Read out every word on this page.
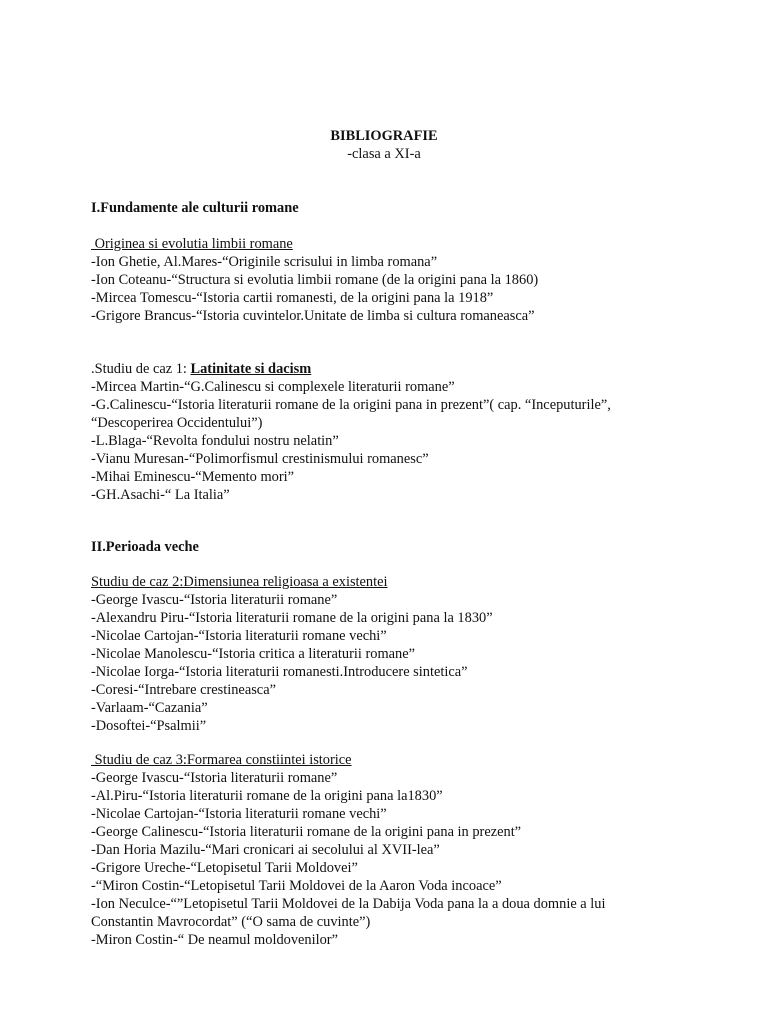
BIBLIOGRAFIE
-clasa a XI-a
I.Fundamente ale culturii romane
Originea si evolutia limbii romane
-Ion Ghetie, Al.Mares-“Originile scrisului in limba romana”
-Ion Coteanu-“Structura si evolutia limbii romane (de la origini pana la 1860)
-Mircea Tomescu-“Istoria cartii romanesti, de la origini pana la 1918”
-Grigore Brancus-“Istoria cuvintelor.Unitate de limba si cultura romaneasca”
.Studiu de caz 1: Latinitate si dacism
-Mircea Martin-“G.Calinescu si complexele literaturii romane”
-G.Calinescu-“Istoria literaturii romane de la origini pana in prezent”( cap. “Inceputurile”, “Descoperirea Occidentului”)
-L.Blaga-“Revolta fondului nostru nelatin”
-Vianu Muresan-“Polimorfismul crestinismului romanesc”
-Mihai Eminescu-“Memento mori”
-GH.Asachi-“ La Italia”
II.Perioada veche
Studiu de caz 2:Dimensiunea religioasa a existentei
-George Ivascu-“Istoria literaturii romane”
-Alexandru Piru-“Istoria literaturii romane de la origini pana la 1830”
-Nicolae Cartojan-“Istoria literaturii romane vechi”
-Nicolae Manolescu-“Istoria critica a literaturii romane”
-Nicolae Iorga-“Istoria literaturii romanesti.Introducere sintetica”
-Coresi-“Intrebare crestineasca”
-Varlaam-“Cazania”
-Dosoftei-“Psalmii”
Studiu de caz 3:Formarea constiintei istorice
-George Ivascu-“Istoria literaturii romane”
-Al.Piru-“Istoria literaturii romane de la origini pana la1830”
-Nicolae Cartojan-“Istoria literaturii romane vechi”
-George Calinescu-“Istoria literaturii romane de la origini pana in prezent”
-Dan Horia Mazilu-“Mari cronicari ai secolului al XVII-lea”
-Grigore Ureche-“Letopisetul Tarii Moldovei”
-“Miron Costin-“Letopisetul Tarii Moldovei de la Aaron Voda incoace”
-Ion Neculce-“”Letopisetul Tarii Moldovei de la Dabija Voda pana la a doua domnie a lui Constantin Mavrocordat” (“O sama de cuvinte”)
-Miron Costin-“ De neamul moldovenilor”
